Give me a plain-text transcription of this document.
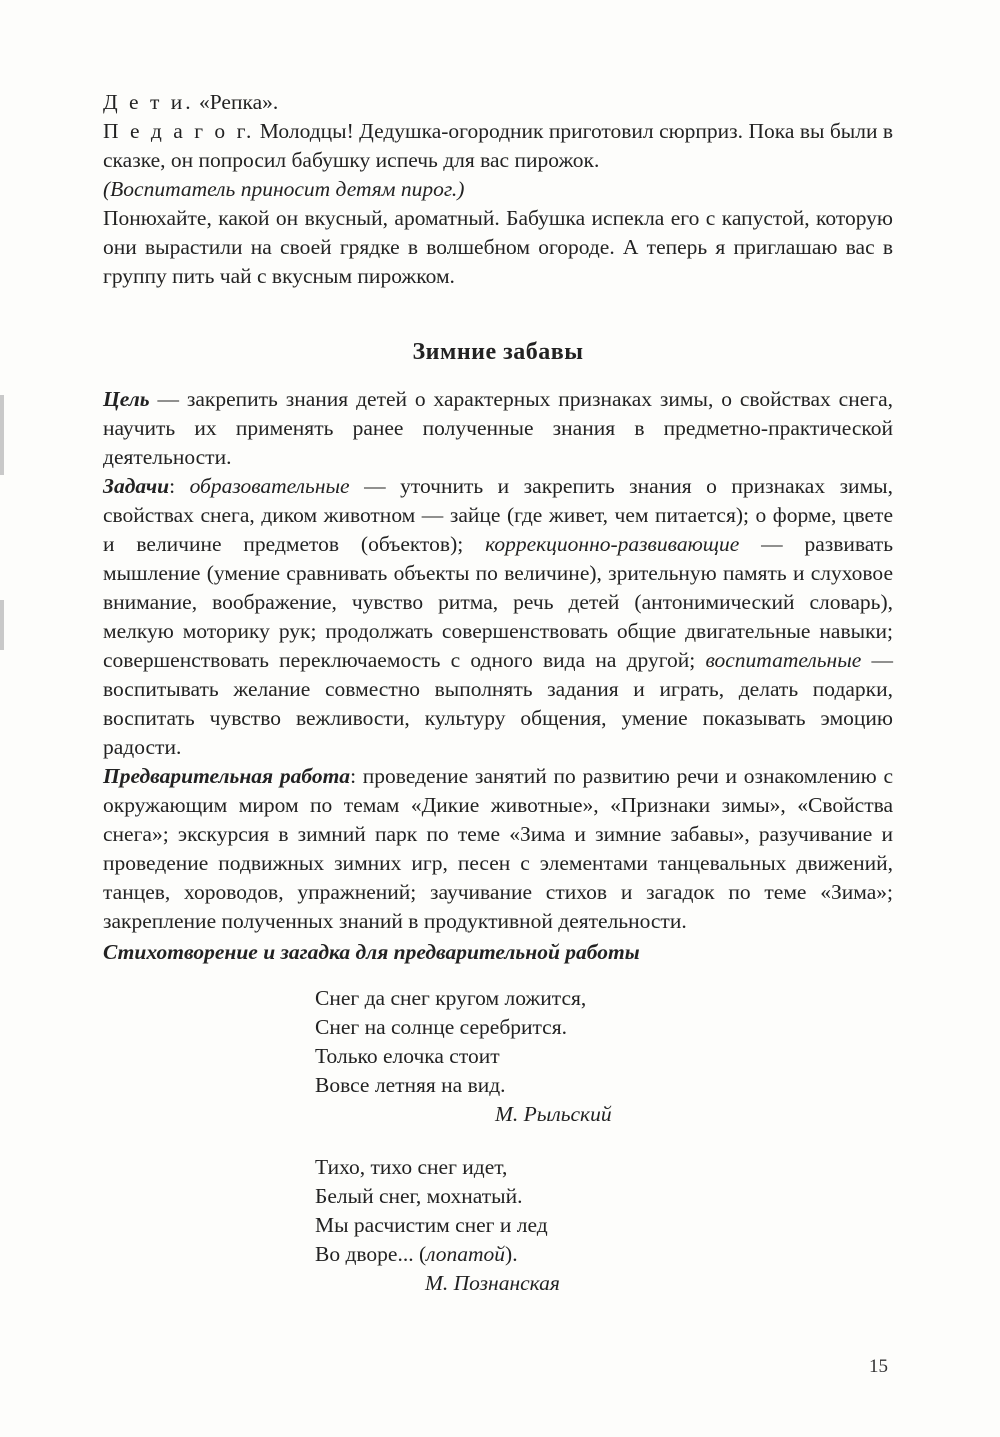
Д е т и. «Репка».

П е д а г о г. Молодцы! Дедушка-огородник приготовил сюрприз. Пока вы были в сказке, он попросил бабушку испечь для вас пирожок.

(Воспитатель приносит детям пирог.)

Понюхайте, какой он вкусный, ароматный. Бабушка испекла его с капустой, которую они вырастили на своей грядке в волшебном огороде. А теперь я приглашаю вас в группу пить чай с вкусным пирожком.

Зимние забавы

Цель — закрепить знания детей о характерных признаках зимы, о свойствах снега, научить их применять ранее полученные знания в предметно-практической деятельности.

Задачи: образовательные — уточнить и закрепить знания о признаках зимы, свойствах снега, диком животном — зайце (где живет, чем питается); о форме, цвете и величине предметов (объектов); коррекционно-развивающие — развивать мышление (умение сравнивать объекты по величине), зрительную память и слуховое внимание, воображение, чувство ритма, речь детей (антонимический словарь), мелкую моторику рук; продолжать совершенствовать общие двигательные навыки; совершенствовать переключаемость с одного вида на другой; воспитательные — воспитывать желание совместно выполнять задания и играть, делать подарки, воспитать чувство вежливости, культуру общения, умение показывать эмоцию радости.

Предварительная работа: проведение занятий по развитию речи и ознакомлению с окружающим миром по темам «Дикие животные», «Признаки зимы», «Свойства снега»; экскурсия в зимний парк по теме «Зима и зимние забавы», разучивание и проведение подвижных зимних игр, песен с элементами танцевальных движений, танцев, хороводов, упражнений; заучивание стихов и загадок по теме «Зима»; закрепление полученных знаний в продуктивной деятельности.

Стихотворение и загадка для предварительной работы

Снег да снег кругом ложится,
Снег на солнце серебрится.
Только елочка стоит
Вовсе летняя на вид.
М. Рыльский
Тихо, тихо снег идет,
Белый снег, мохнатый.
Мы расчистим снег и лед
Во дворе... (лопатой).
М. Познанская
15
